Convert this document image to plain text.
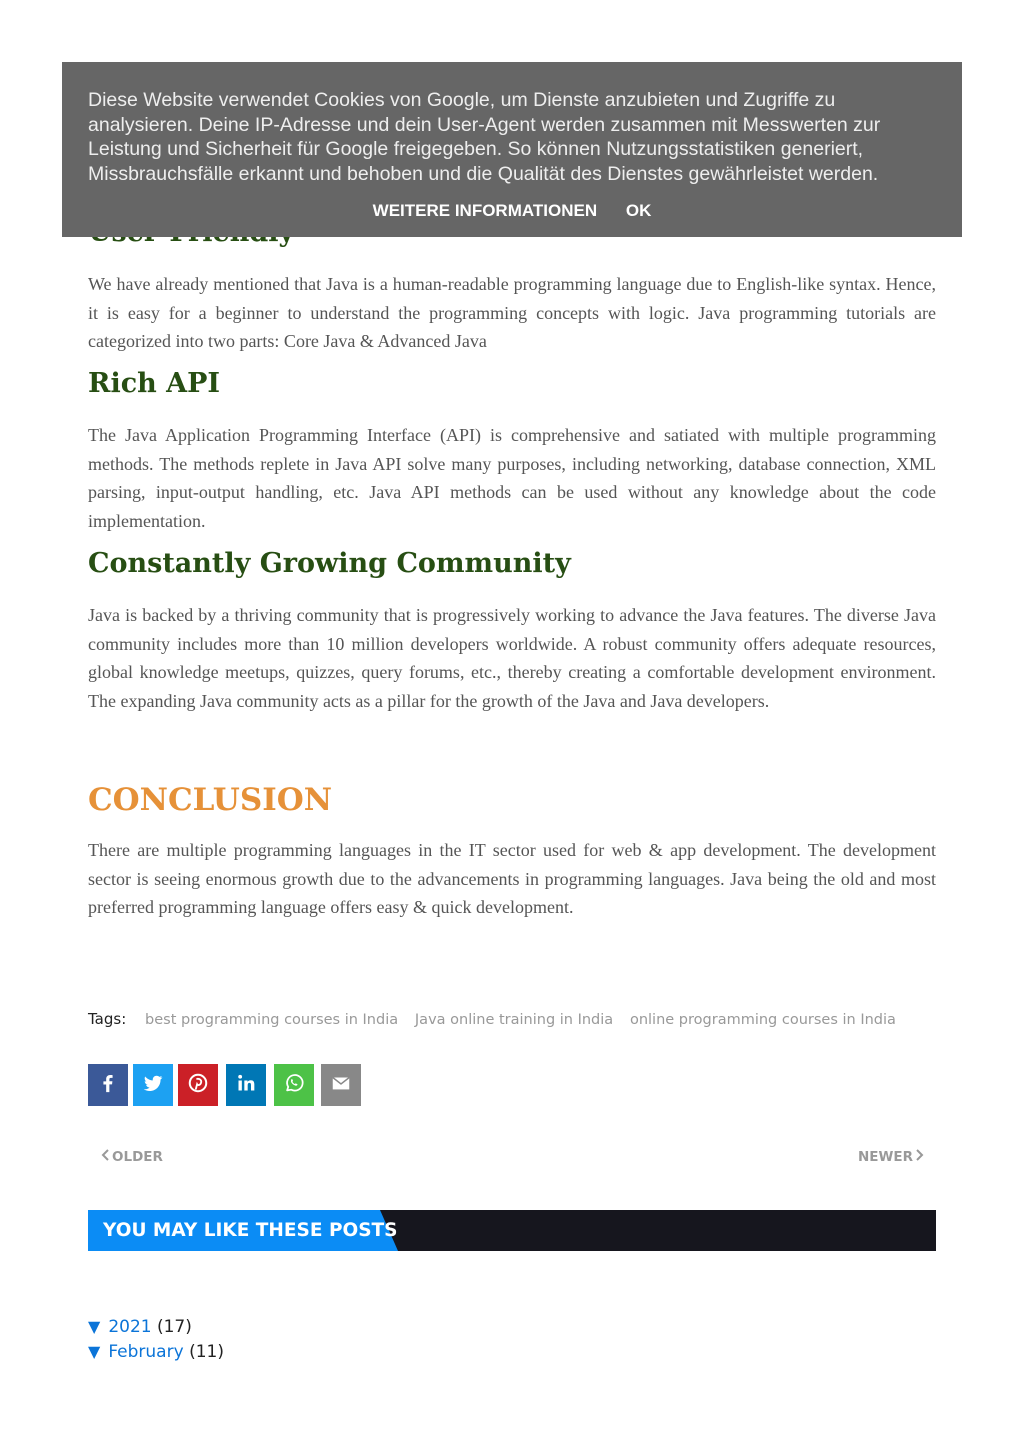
Diese Website verwendet Cookies von Google, um Dienste anzubieten und Zugriffe zu analysieren. Deine IP-Adresse und dein User-Agent werden zusammen mit Messwerten zur Leistung und Sicherheit für Google freigegeben. So können Nutzungsstatistiken generiert, Missbrauchsfälle erkannt und behoben und die Qualität des Dienstes gewährleistet werden.

WEITERE INFORMATIONEN OK

We have already mentioned that Java is a human-readable programming language due to English-like syntax. Hence, it is easy for a beginner to understand the programming concepts with logic. Java programming tutorials are categorized into two parts: Core Java & Advanced Java

Rich API

The Java Application Programming Interface (API) is comprehensive and satiated with multiple programming methods. The methods replete in Java API solve many purposes, including networking, database connection, XML parsing, input-output handling, etc. Java API methods can be used without any knowledge about the code implementation.

Constantly Growing Community

Java is backed by a thriving community that is progressively working to advance the Java features. The diverse Java community includes more than 10 million developers worldwide. A robust community offers adequate resources, global knowledge meetups, quizzes, query forums, etc., thereby creating a comfortable development environment. The expanding Java community acts as a pillar for the growth of the Java and Java developers.

CONCLUSION

There are multiple programming languages in the IT sector used for web & app development. The development sector is seeing enormous growth due to the advancements in programming languages. Java being the old and most preferred programming language offers easy & quick development.

Tags: best programming courses in India Java online training in India online programming courses in India
OLDER	NEWER
YOU MAY LIKE THESE POSTS
▼ 2021 (17)
▼ February (11)
